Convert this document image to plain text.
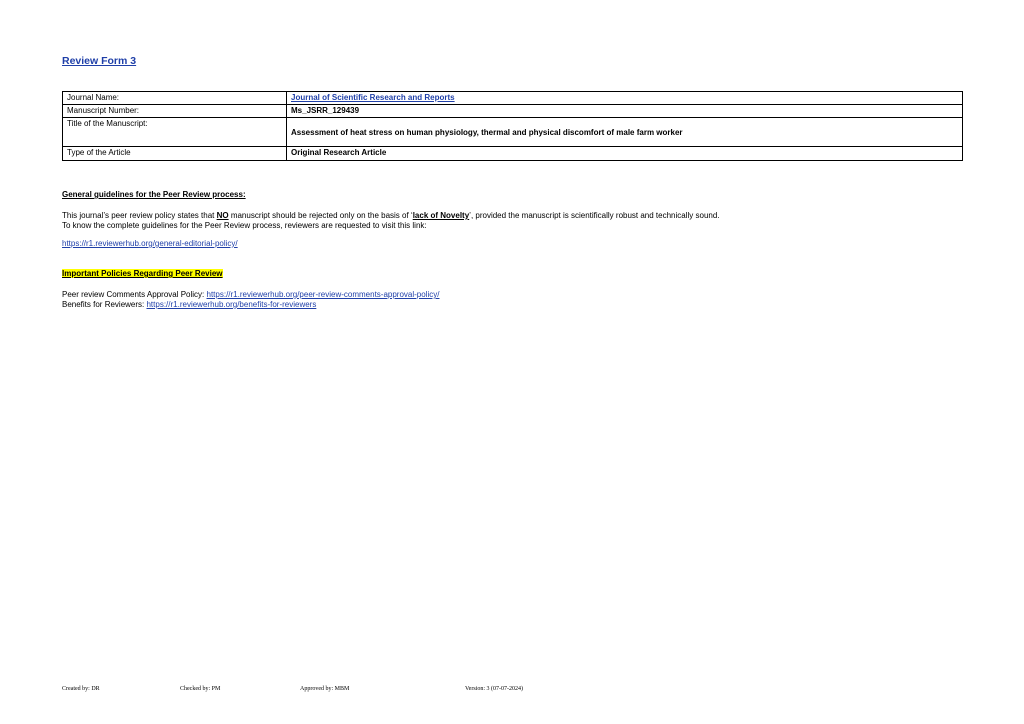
Review Form 3
Journal Name:	Journal of Scientific Research and Reports
Manuscript Number:	Ms_JSRR_129439
Title of the Manuscript:	Assessment of heat stress on human physiology, thermal and physical discomfort of male farm worker
Type of the Article	Original Research Article
General guidelines for the Peer Review process:
This journal’s peer review policy states that NO manuscript should be rejected only on the basis of ‘lack of Novelty’, provided the manuscript is scientifically robust and technically sound.
To know the complete guidelines for the Peer Review process, reviewers are requested to visit this link:
https://r1.reviewerhub.org/general-editorial-policy/
Important Policies Regarding Peer Review
Peer review Comments Approval Policy: https://r1.reviewerhub.org/peer-review-comments-approval-policy/
Benefits for Reviewers: https://r1.reviewerhub.org/benefits-for-reviewers
Created by: DR	Checked by: PM	Approved by: MBM	Version: 3 (07-07-2024)
